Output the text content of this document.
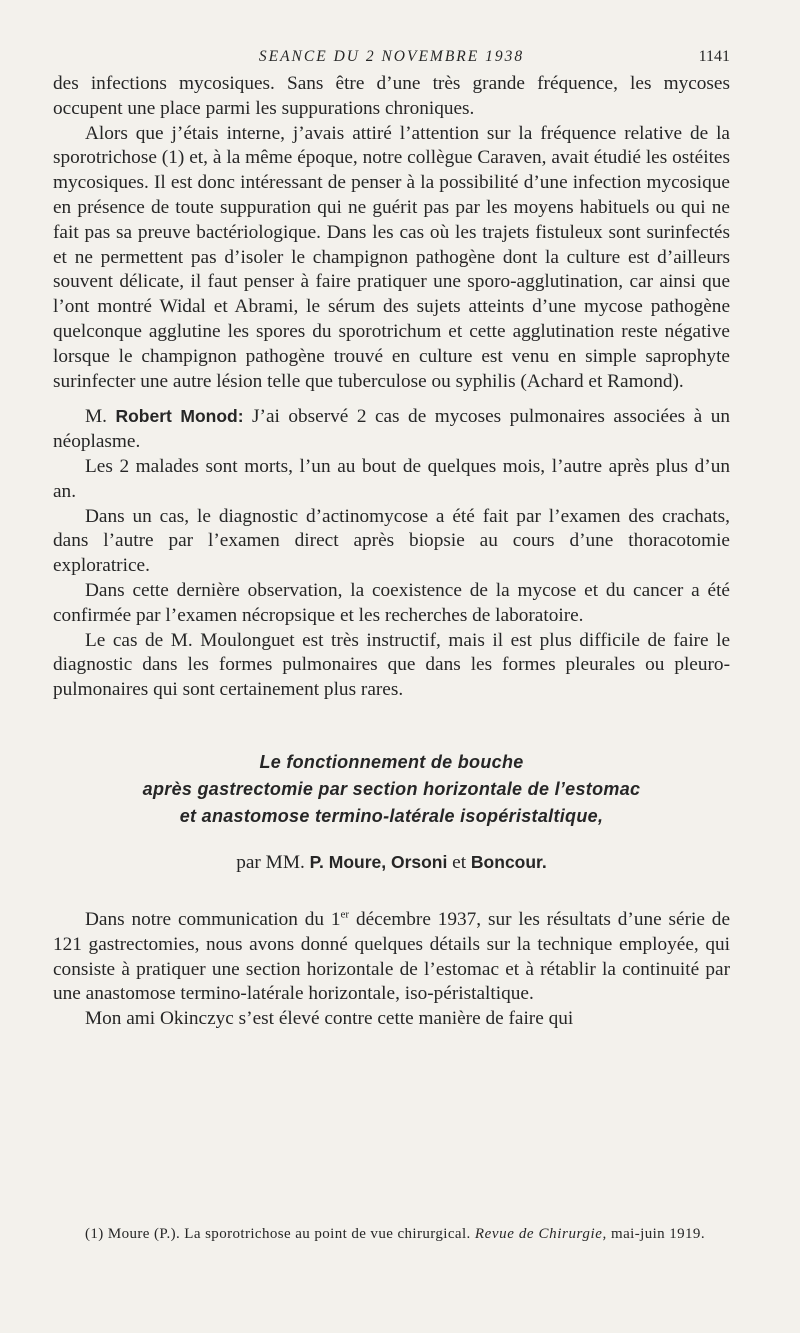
SEANCE DU 2 NOVEMBRE 1938	1141

des infections mycosiques. Sans être d’une très grande fréquence, les mycoses occupent une place parmi les suppurations chroniques.

Alors que j’étais interne, j’avais attiré l’attention sur la fréquence relative de la sporotrichose (1) et, à la même époque, notre collègue Caraven, avait étudié les ostéites mycosiques. Il est donc intéressant de penser à la possibilité d’une infection mycosique en présence de toute suppuration qui ne guérit pas par les moyens habituels ou qui ne fait pas sa preuve bactériologique. Dans les cas où les trajets fistuleux sont surinfectés et ne permettent pas d’isoler le champignon pathogène dont la culture est d’ailleurs souvent délicate, il faut penser à faire pratiquer une sporo-agglutination, car ainsi que l’ont montré Widal et Abrami, le sérum des sujets atteints d’une mycose pathogène quelconque agglutine les spores du sporotrichum et cette agglutination reste négative lorsque le champignon pathogène trouvé en culture est venu en simple saprophyte surinfecter une autre lésion telle que tuberculose ou syphilis (Achard et Ramond).

M. Robert Monod: J’ai observé 2 cas de mycoses pulmonaires associées à un néoplasme.

Les 2 malades sont morts, l’un au bout de quelques mois, l’autre après plus d’un an.

Dans un cas, le diagnostic d’actinomycose a été fait par l’examen des crachats, dans l’autre par l’examen direct après biopsie au cours d’une thoracotomie exploratrice.

Dans cette dernière observation, la coexistence de la mycose et du cancer a été confirmée par l’examen nécropsique et les recherches de laboratoire.

Le cas de M. Moulonguet est très instructif, mais il est plus difficile de faire le diagnostic dans les formes pulmonaires que dans les formes pleurales ou pleuro-pulmonaires qui sont certainement plus rares.

Le fonctionnement de bouche
après gastrectomie par section horizontale de l’estomac
et anastomose termino-latérale isopéristaltique,
par MM. P. Moure, Orsoni et Boncour.

Dans notre communication du 1er décembre 1937, sur les résultats d’une série de 121 gastrectomies, nous avons donné quelques détails sur la technique employée, qui consiste à pratiquer une section horizontale de l’estomac et à rétablir la continuité par une anastomose termino-latérale horizontale, iso-péristaltique.

Mon ami Okinczyc s’est élevé contre cette manière de faire qui

(1) Moure (P.). La sporotrichose au point de vue chirurgical. Revue de Chirurgie, mai-juin 1919.
